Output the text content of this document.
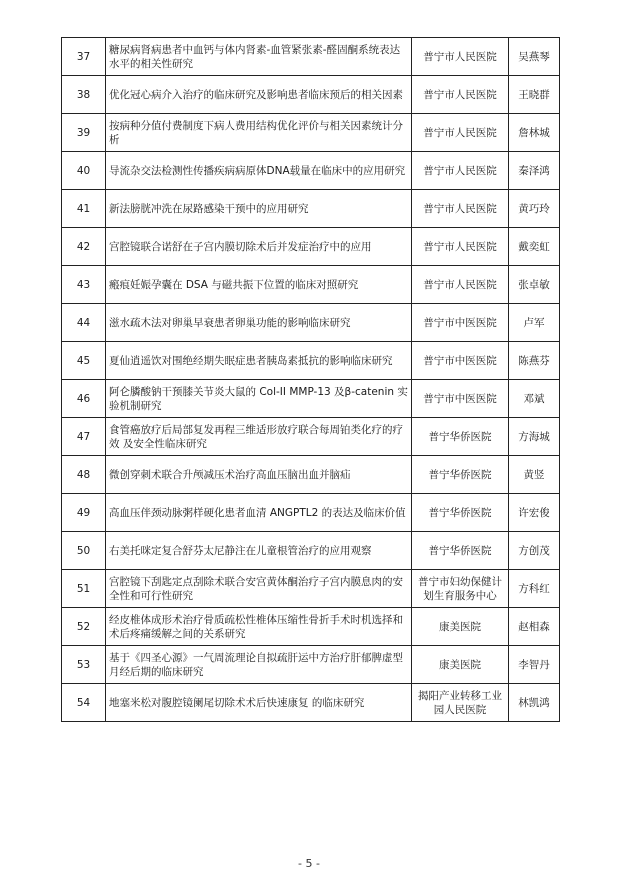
37	糖尿病肾病患者中血钙与体内肾素-血管紧张素-醛固酮系统表达水平的相关性研究	普宁市人民医院	吴燕琴
38	优化冠心病介入治疗的临床研究及影响患者临床预后的相关因素	普宁市人民医院	王晓群
39	按病种分值付费制度下病人费用结构优化评价与相关因素统计分析	普宁市人民医院	詹林城
40	导流杂交法检测性传播疾病病原体DNA载量在临床中的应用研究	普宁市人民医院	秦泽鸿
41	新法膀胱冲洗在尿路感染干预中的应用研究	普宁市人民医院	黄巧玲
42	宫腔镜联合诺舒在子宫内膜切除术后并发症治疗中的应用	普宁市人民医院	戴奕虹
43	瘢痕妊娠孕囊在 DSA 与磁共振下位置的临床对照研究	普宁市人民医院	张卓敏
44	滋水疏木法对卵巢早衰患者卵巢功能的影响临床研究	普宁市中医医院	卢军
45	夏仙逍遥饮对围绝经期失眠症患者胰岛素抵抗的影响临床研究	普宁市中医医院	陈燕芬
46	阿仑膦酸钠干预膝关节炎大鼠的 Col-II MMP-13 及β-catenin 实验机制研究	普宁市中医医院	邓斌
47	食管癌放疗后局部复发再程三维适形放疗联合每周铂类化疗的疗效 及安全性临床研究	普宁华侨医院	方海城
48	微创穿刺术联合升颅减压术治疗高血压脑出血并脑疝	普宁华侨医院	黄竖
49	高血压伴颈动脉粥样硬化患者血清 ANGPTL2 的表达及临床价值	普宁华侨医院	许宏俊
50	右美托咪定复合舒芬太尼静注在儿童根管治疗的应用观察	普宁华侨医院	方创茂
51	宫腔镜下刮匙定点刮除术联合安宫黄体酮治疗子宫内膜息肉的安全性和可行性研究	普宁市妇幼保健计划生育服务中心	方科红
52	经皮椎体成形术治疗骨质疏松性椎体压缩性骨折手术时机选择和术后疼痛缓解之间的关系研究	康美医院	赵相森
53	基于《四圣心源》一气周流理论自拟疏肝运中方治疗肝郁脾虚型月经后期的临床研究	康美医院	李智丹
54	地塞米松对腹腔镜阑尾切除术术后快速康复 的临床研究	揭阳产业转移工业园人民医院	林凯鸿
- 5 -
